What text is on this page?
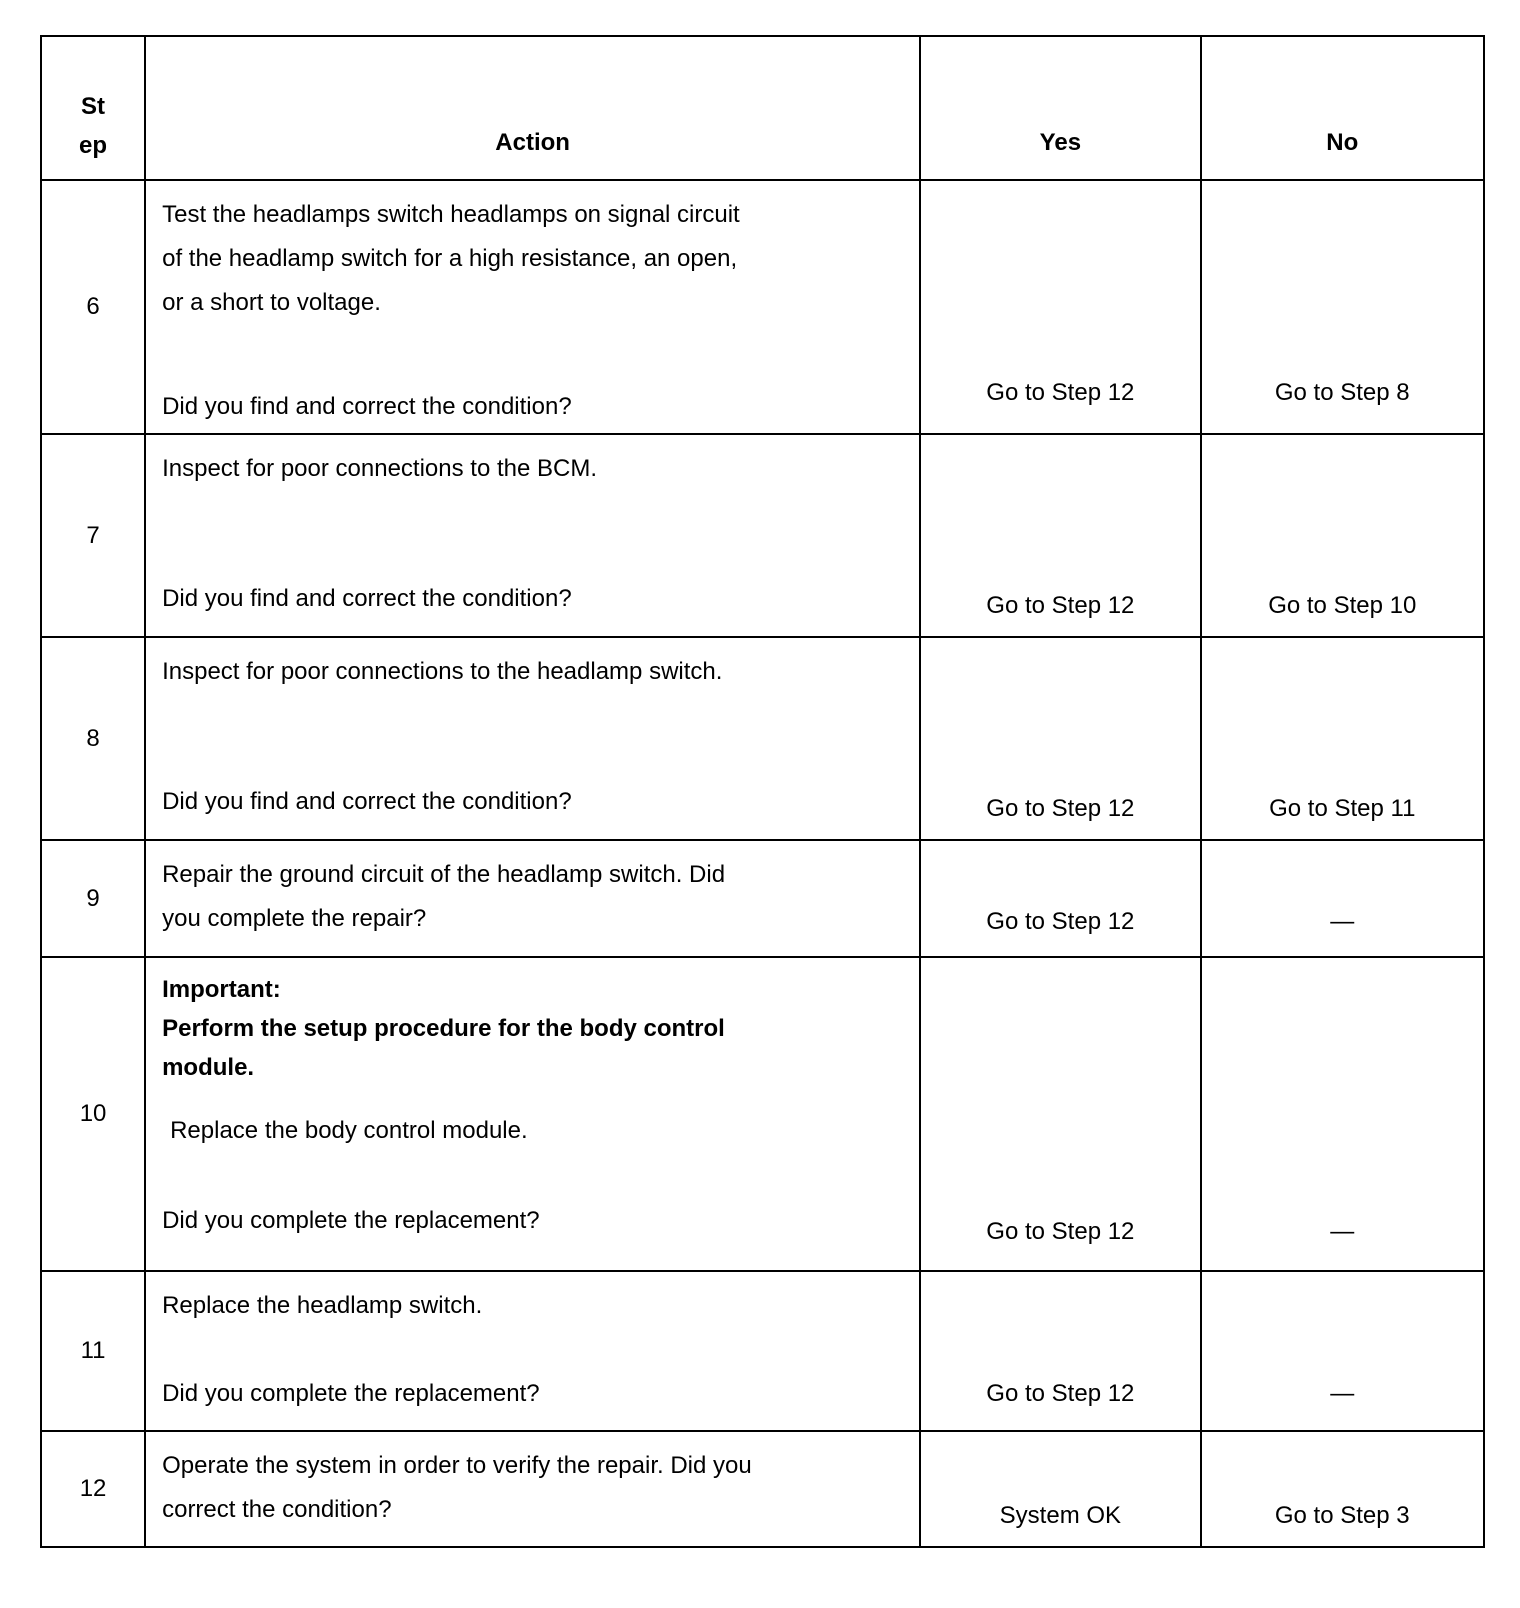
St
ep	Action	Yes	No
6	Test the headlamps switch headlamps on signal circuit
of the headlamp switch for a high resistance, an open,
or a short to voltage.
Did you find and correct the condition?	Go to Step 12	Go to Step 8
7	Inspect for poor connections to the BCM.
Did you find and correct the condition?	Go to Step 12	Go to Step 10
8	Inspect for poor connections to the headlamp switch.
Did you find and correct the condition?	Go to Step 12	Go to Step 11
9	Repair the ground circuit of the headlamp switch. Did
you complete the repair?	Go to Step 12	—
10	Important:
Perform the setup procedure for the body control
module.
Replace the body control module.
Did you complete the replacement?	Go to Step 12	—
11	Replace the headlamp switch.
Did you complete the replacement?	Go to Step 12	—
12	Operate the system in order to verify the repair. Did you
correct the condition?	System OK	Go to Step 3
